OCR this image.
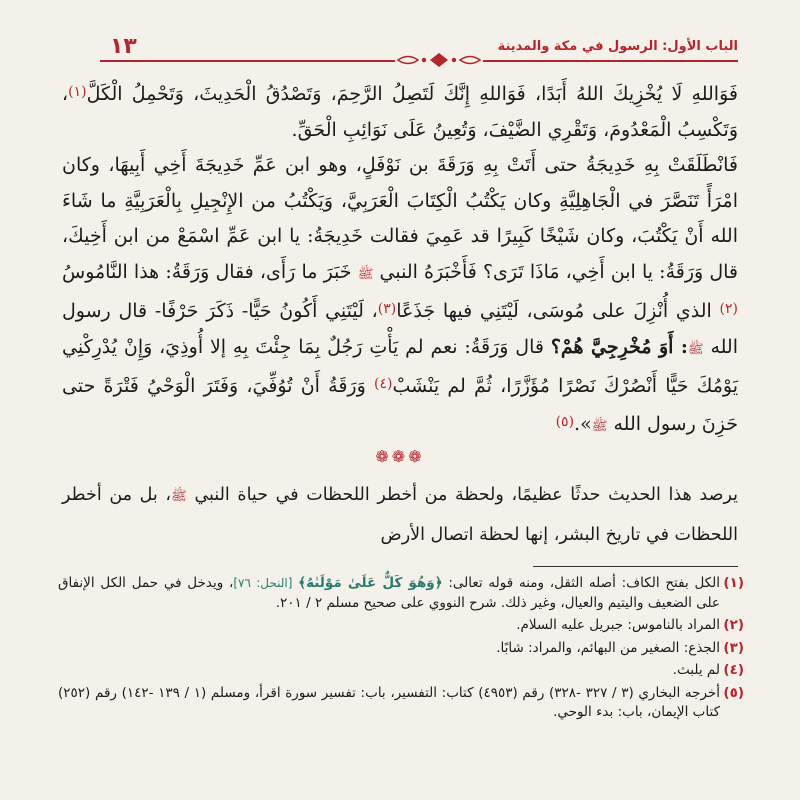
الباب الأول: الرسول في مكة والمدينة
١٣

فَوَاللهِ لَا يُخْزِيكَ اللهُ أَبَدًا، فَوَاللهِ إِنَّكَ لَتَصِلُ الرَّحِمَ، وَتَصْدُقُ الْحَدِيثَ، وَتَحْمِلُ الْكَلَّ$^{(١)}$، وَتَكْسِبُ الْمَعْدُومَ، وَتَقْرِي الضَّيْفَ، وَتُعِينُ عَلَى نَوَائِبِ الْحَقِّ.

فَانْطَلَقَتْ بِهِ خَدِيجَةُ حتى أَتَتْ بِهِ وَرَقَةَ بن نَوْفَلٍ، وهو ابن عَمِّ خَدِيجَةَ أَخِي أَبِيهَا، وكان امْرَأً تَنَصَّرَ في الْجَاهِلِيَّةِ وكان يَكْتُبُ الْكِتَابَ الْعَرَبِيَّ، وَيَكْتُبُ من الإِنْجِيلِ بِالْعَرَبِيَّةِ ما شَاءَ الله أَنْ يَكْتُبَ، وكان شَيْخًا كَبِيرًا قد عَمِيَ فقالت خَدِيجَةُ: يا ابن عَمِّ اسْمَعْ من ابن أَخِيكَ، قال وَرَقَةُ: يا ابن أَخِي، مَاذَا تَرَى؟ فَأَخْبَرَهُ النبي ﷺ خَبَرَ ما رَأَى، فقال وَرَقَةُ: هذا النَّامُوسُ $^{(٢)}$ الذي أُنْزِلَ على مُوسَى، لَيْتَنِي فيها جَذَعًا$^{(٣)}$، لَيْتَنِي أَكُونُ حَيًّا- ذَكَرَ حَرْفًا- قال رسول الله ﷺ: أَوَ مُخْرِجِيَّ هُمْ؟ قال وَرَقَةُ: نعم لم يَأْتِ رَجُلٌ بِمَا جِئْتَ بِهِ إلا أُوذِيَ، وَإِنْ يُدْرِكْنِي يَوْمُكَ حَيًّا أَنْصُرْكَ نَصْرًا مُؤَزَّرًا، ثُمَّ لم يَنْشَبْ$^{(٤)}$ وَرَقَةُ أَنْ تُوُفِّيَ، وَفَتَرَ الْوَحْيُ فَتْرَةً حتى حَزِنَ رسول الله ﷺ».$^{(٥)}$

❁❁❁

يرصد هذا الحديث حدثًا عظيمًا، ولحظة من أخطر اللحظات في حياة النبي ﷺ، بل من أخطر اللحظات في تاريخ البشر، إنها لحظة اتصال الأرض

(١)
الكل بفتح الكاف: أصله الثقل، ومنه قوله تعالى: ﴿وَهُوَ كَلٌّ عَلَىٰ مَوْلَىٰهُ﴾ [النحل: ٧٦]، ويدخل في حمل الكل الإنفاق على الضعيف واليتيم والعيال، وغير ذلك. شرح النووي على صحيح مسلم ٢ / ٢٠١.
(٢)
المراد بالناموس: جبريل عليه السلام.
(٣)
الجذع: الصغير من البهائم، والمراد: شابًا.
(٤)
لم يلبث.
(٥)
أخرجه البخاري (٣ / ٣٢٧ -٣٢٨) رقم (٤٩٥٣) كتاب: التفسير، باب: تفسير سورة اقرأ، ومسلم (١ / ١٣٩ -١٤٢) رقم (٢٥٢) كتاب الإيمان، باب: بدء الوحي.
